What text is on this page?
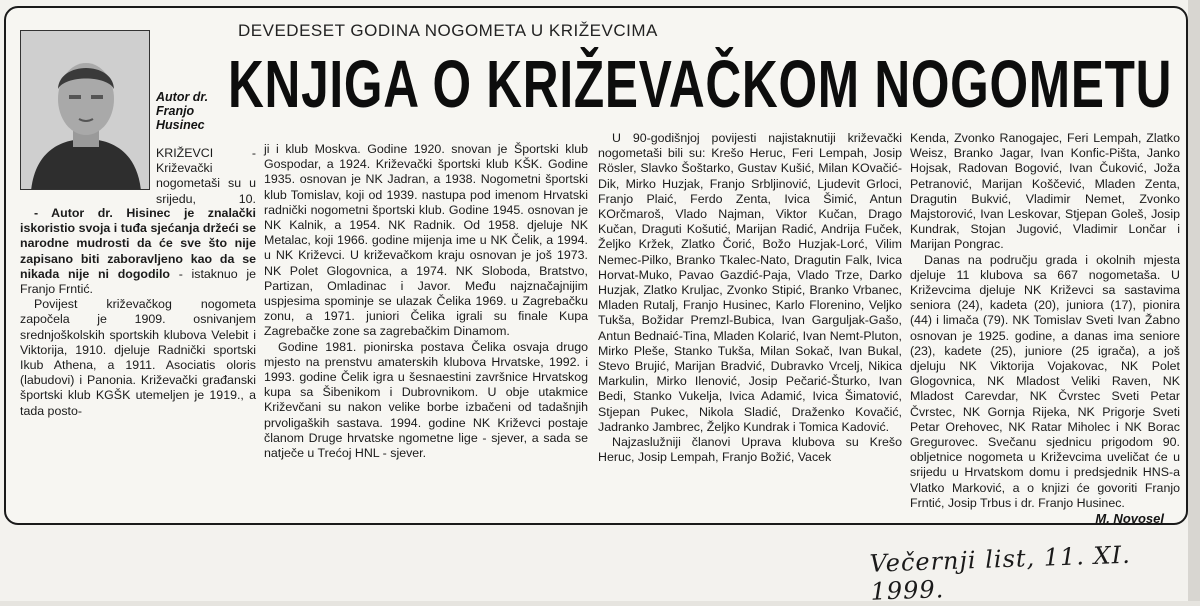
Autor dr. Franjo Husinec
DEVEDESET GODINA NOGOMETA U KRIŽEVCIMA
KNJIGA O KRIŽEVAČKOM NOGOMETU

KRIŽEVCI - Križevački nogometaši su u srijedu, 10.

- Autor dr. Hisinec je znalački iskoristio svoja i tuđa sjećanja držeći se narodne mudrosti da će sve što nije zapisano biti zaboravljeno kao da se nikada nije ni dogodilo - istaknuo je Franjo Frntić.

Povijest križevačkog nogometa započela je 1909. osnivanjem srednjoškolskih sportskih klubova Velebit i Viktorija, 1910. djeluje Radnički sportski Ikub Athena, a 1911. Asociatis oloris (labudovi) i Panonia. Križevački građanski športski klub KGŠK utemeljen je 1919., a tada posto-

ji i klub Moskva. Godine 1920. snovan je Športski klub Gospodar, a 1924. Križevački športski klub KŠK. Godine 1935. osnovan je NK Jadran, a 1938. Nogometni športski klub Tomislav, koji od 1939. nastupa pod imenom Hrvatski radnički nogometni športski klub. Godine 1945. osnovan je NK Kalnik, a 1954. NK Radnik. Od 1958. djeluje NK Metalac, koji 1966. godine mijenja ime u NK Čelik, a 1994. u NK Križevci. U križevačkom kraju osnovan je još 1973. NK Polet Glogovnica, a 1974. NK Sloboda, Bratstvo, Partizan, Omladinac i Javor. Među najznačajnijim uspjesima spominje se ulazak Čelika 1969. u Zagrebačku zonu, a 1971. juniori Čelika igrali su finale Kupa Zagrebačke zone sa zagrebačkim Dinamom.

Godine 1981. pionirska postava Čelika osvaja drugo mjesto na prenstvu amaterskih klubova Hrvatske, 1992. i 1993. godine Čelik igra u šesnaestini završnice Hrvatskog kupa sa Šibenikom i Dubrovnikom. U obje utakmice Križevčani su nakon velike borbe izbačeni od tadašnjih prvoligaških sastava. 1994. godine NK Križevci postaje članom Druge hrvatske ngometne lige - sjever, a sada se natječe u Trećoj HNL - sjever.

U 90-godišnjoj povijesti najistaknutiji križevački nogometaši bili su: Krešo Heruc, Feri Lempah, Josip Rösler, Slavko Šoštarko, Gustav Kušić, Milan KOvačić-Dik, Mirko Huzjak, Franjo Srbljinović, Ljudevit Grloci, Franjo Plaić, Ferdo Zenta, Ivica Šimić, Antun KOrčmaroš, Vlado Najman, Viktor Kučan, Drago Kučan, Draguti Košutić, Marijan Radić, Andrija Fuček, Željko Kržek, Zlatko Čorić, Božo Huzjak-Lorć, Vilim Nemec-Pilko, Branko Tkalec-Nato, Dragutin Falk, Ivica Horvat-Muko, Pavao Gazdić-Paja, Vlado Trze, Darko Huzjak, Zlatko Kruljac, Zvonko Stipić, Branko Vrbanec, Mladen Rutalj, Franjo Husinec, Karlo Florenino, Veljko Tukša, Božidar Premzl-Bubica, Ivan Garguljak-Gašo, Antun Bednaić-Tina, Mladen Kolarić, Ivan Nemt-Pluton, Mirko Pleše, Stanko Tukša, Milan Sokač, Ivan Bukal, Stevo Brujić, Marijan Bradvić, Dubravko Vrcelj, Nikica Markulin, Mirko Ilenović, Josip Pečarić-Šturko, Ivan Bedi, Stanko Vukelja, Ivica Adamić, Ivica Šimatović, Stjepan Pukec, Nikola Sladić, Draženko Kovačić, Jadranko Jambrec, Željko Kundrak i Tomica Kadović.

Najzaslužniji članovi Uprava klubova su Krešo Heruc, Josip Lempah, Franjo Božić, Vacek

Kenda, Zvonko Ranogajec, Feri Lempah, Zlatko Weisz, Branko Jagar, Ivan Konfic-Pišta, Janko Hojsak, Radovan Bogović, Ivan Čuković, Joža Petranović, Marijan Koščević, Mladen Zenta, Dragutin Bukvić, Vladimir Nemet, Zvonko Majstorović, Ivan Leskovar, Stjepan Goleš, Josip Kundrak, Stojan Jugović, Vladimir Lončar i Marijan Pongrac.

Danas na području grada i okolnih mjesta djeluje 11 klubova sa 667 nogometaša. U Križevcima djeluje NK Križevci sa sastavima seniora (24), kadeta (20), juniora (17), pionira (44) i limača (79). NK Tomislav Sveti Ivan Žabno osnovan je 1925. godine, a danas ima seniore (23), kadete (25), juniore (25 igrača), a još djeluju NK Viktorija Vojakovac, NK Polet Glogovnica, NK Mladost Veliki Raven, NK Mladost Carevdar, NK Čvrstec Sveti Petar Čvrstec, NK Gornja Rijeka, NK Prigorje Sveti Petar Orehovec, NK Ratar Miholec i NK Borac Gregurovec. Svečanu sjednicu prigodom 90. obljetnice nogometa u Križevcima uveličat će u srijedu u Hrvatskom domu i predsjednik HNS-a Vlatko Marković, a o knjizi će govoriti Franjo Frntić, Josip Trbus i dr. Franjo Husinec.

M. Novosel
Večernji list, 11. XI. 1999.
